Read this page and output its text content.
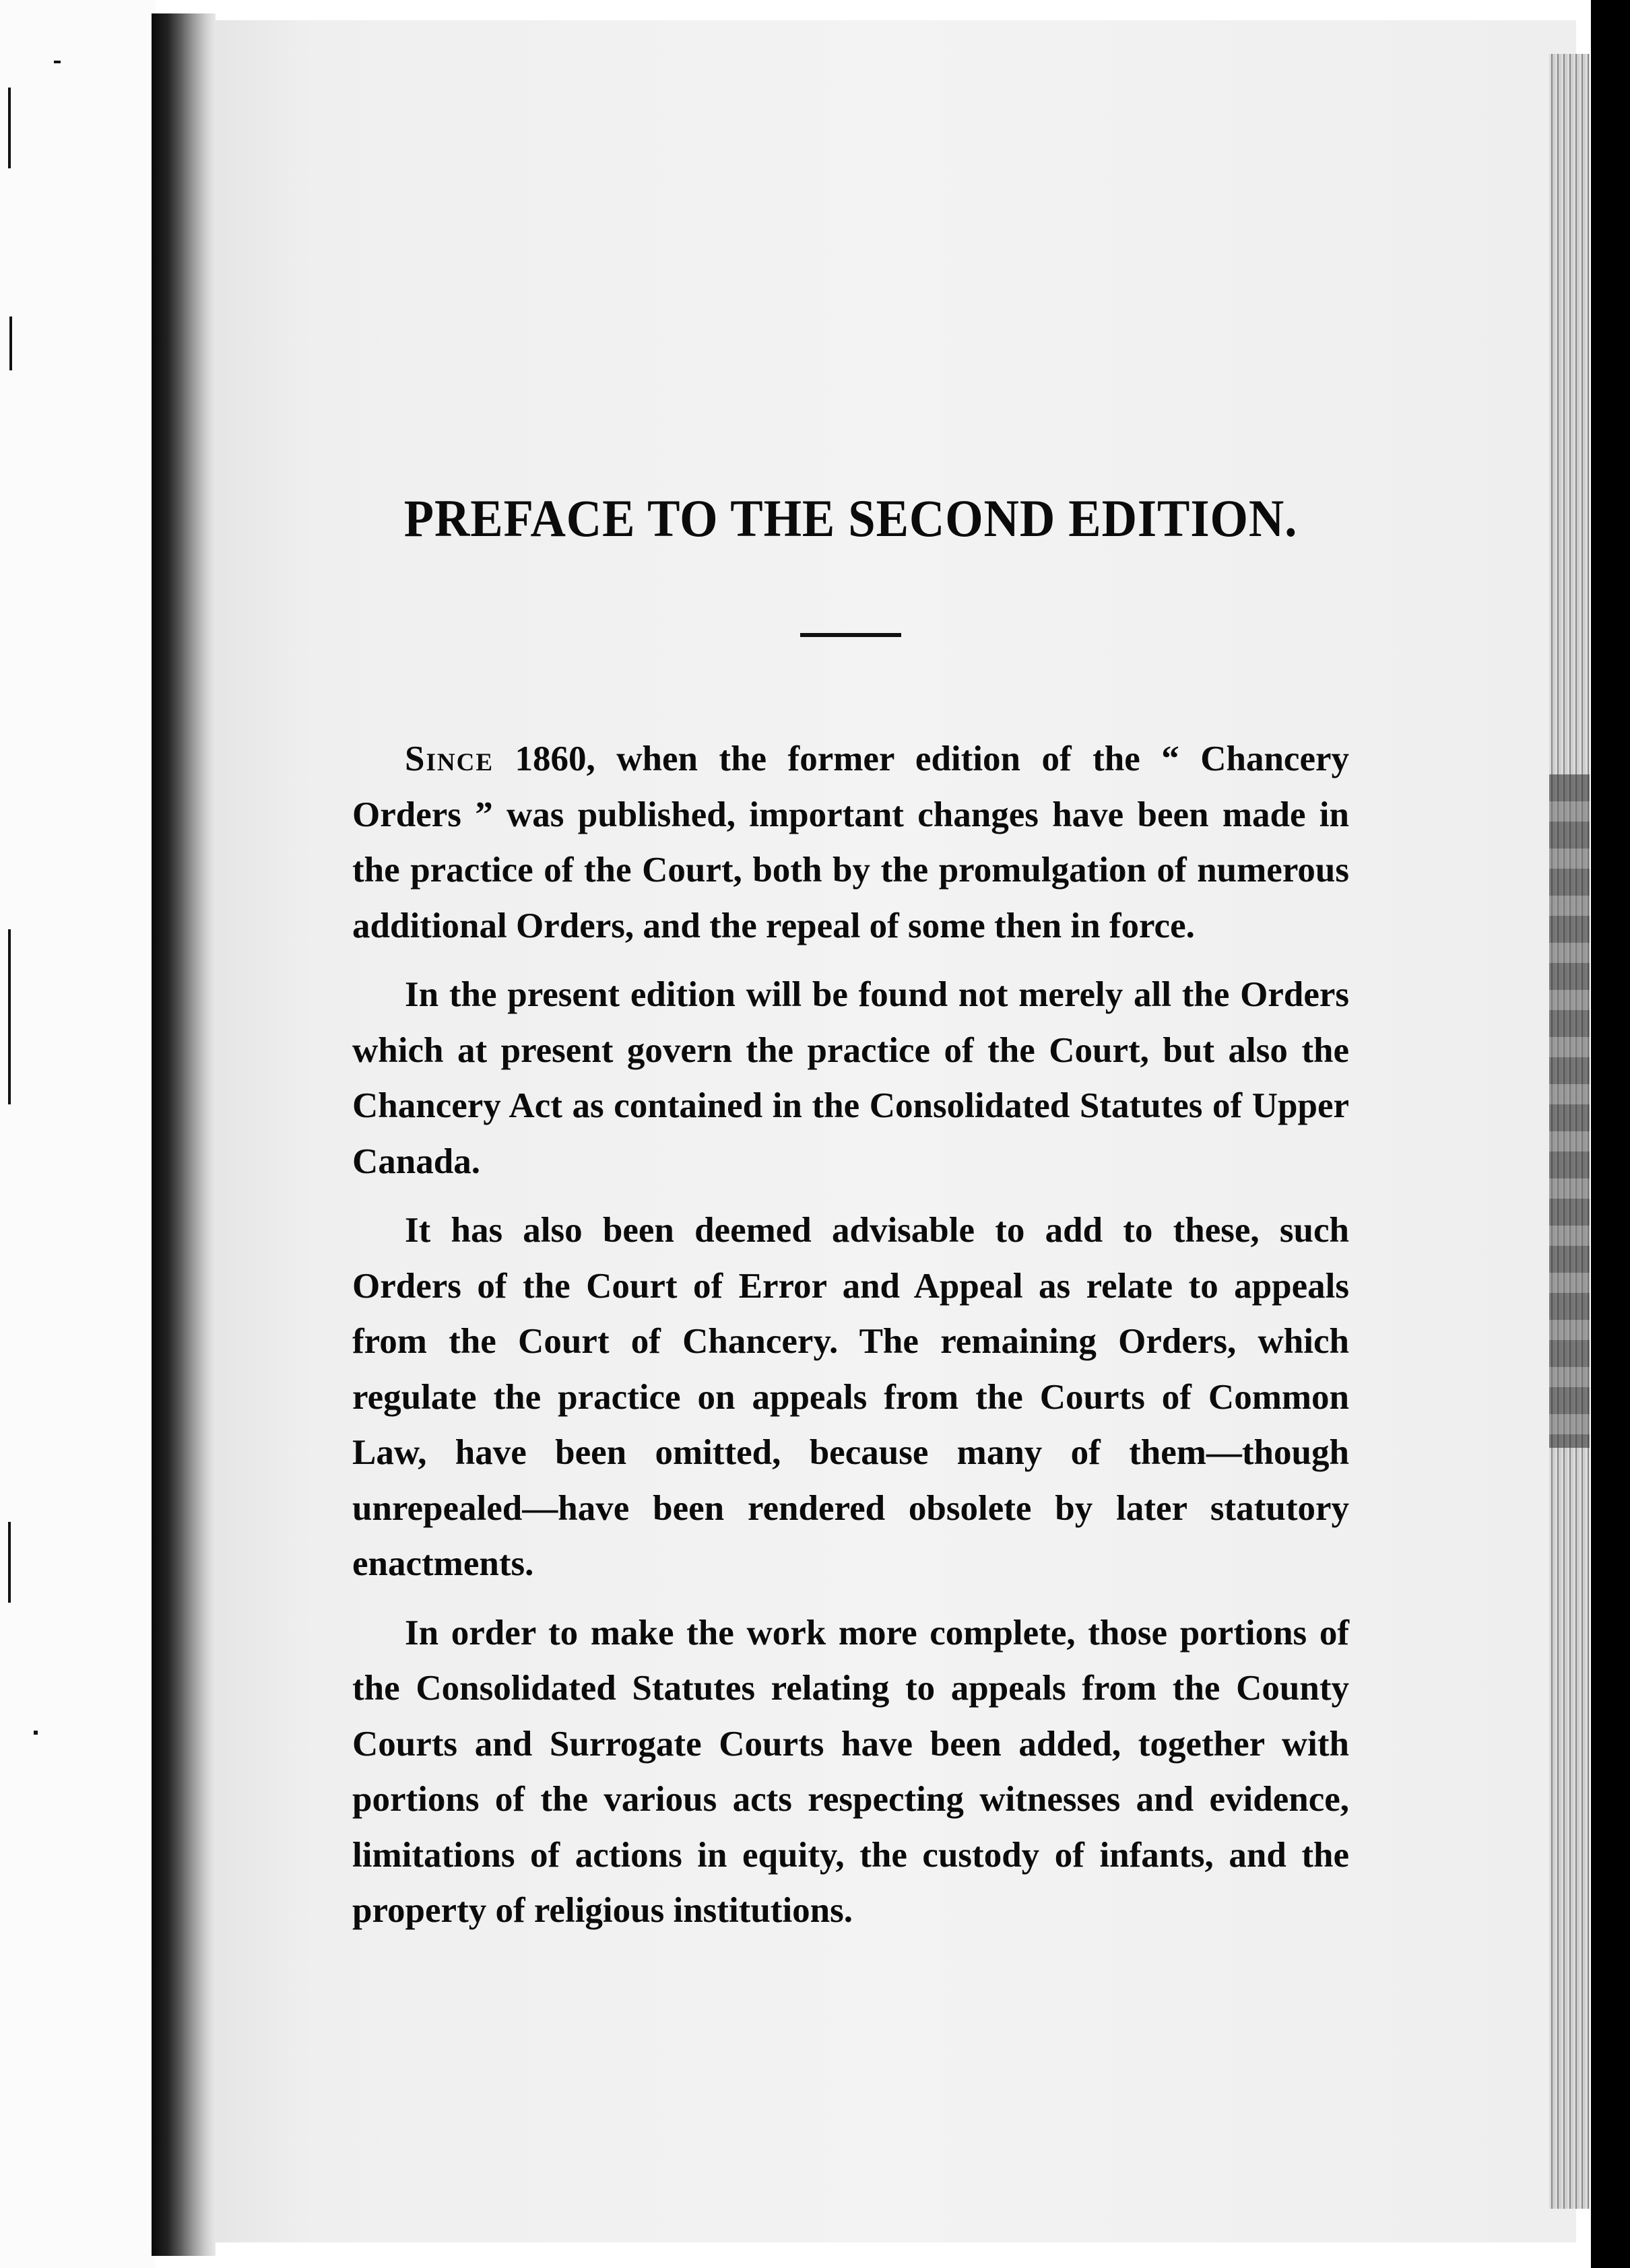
PREFACE TO THE SECOND EDITION.

Since 1860, when the former edition of the “ Chancery Orders ” was published, important changes have been made in the practice of the Court, both by the promulgation of numerous additional Orders, and the repeal of some then in force.

In the present edition will be found not merely all the Orders which at present govern the practice of the Court, but also the Chancery Act as contained in the Consolidated Statutes of Upper Canada.

It has also been deemed advisable to add to these, such Orders of the Court of Error and Appeal as relate to appeals from the Court of Chancery. The remaining Orders, which regulate the practice on appeals from the Courts of Common Law, have been omitted, because many of them—though unrepealed—have been rendered obsolete by later statutory enactments.

In order to make the work more complete, those portions of the Consolidated Statutes relating to appeals from the County Courts and Surrogate Courts have been added, together with portions of the various acts respecting witnesses and evidence, limitations of actions in equity, the custody of infants, and the property of religious institutions.
